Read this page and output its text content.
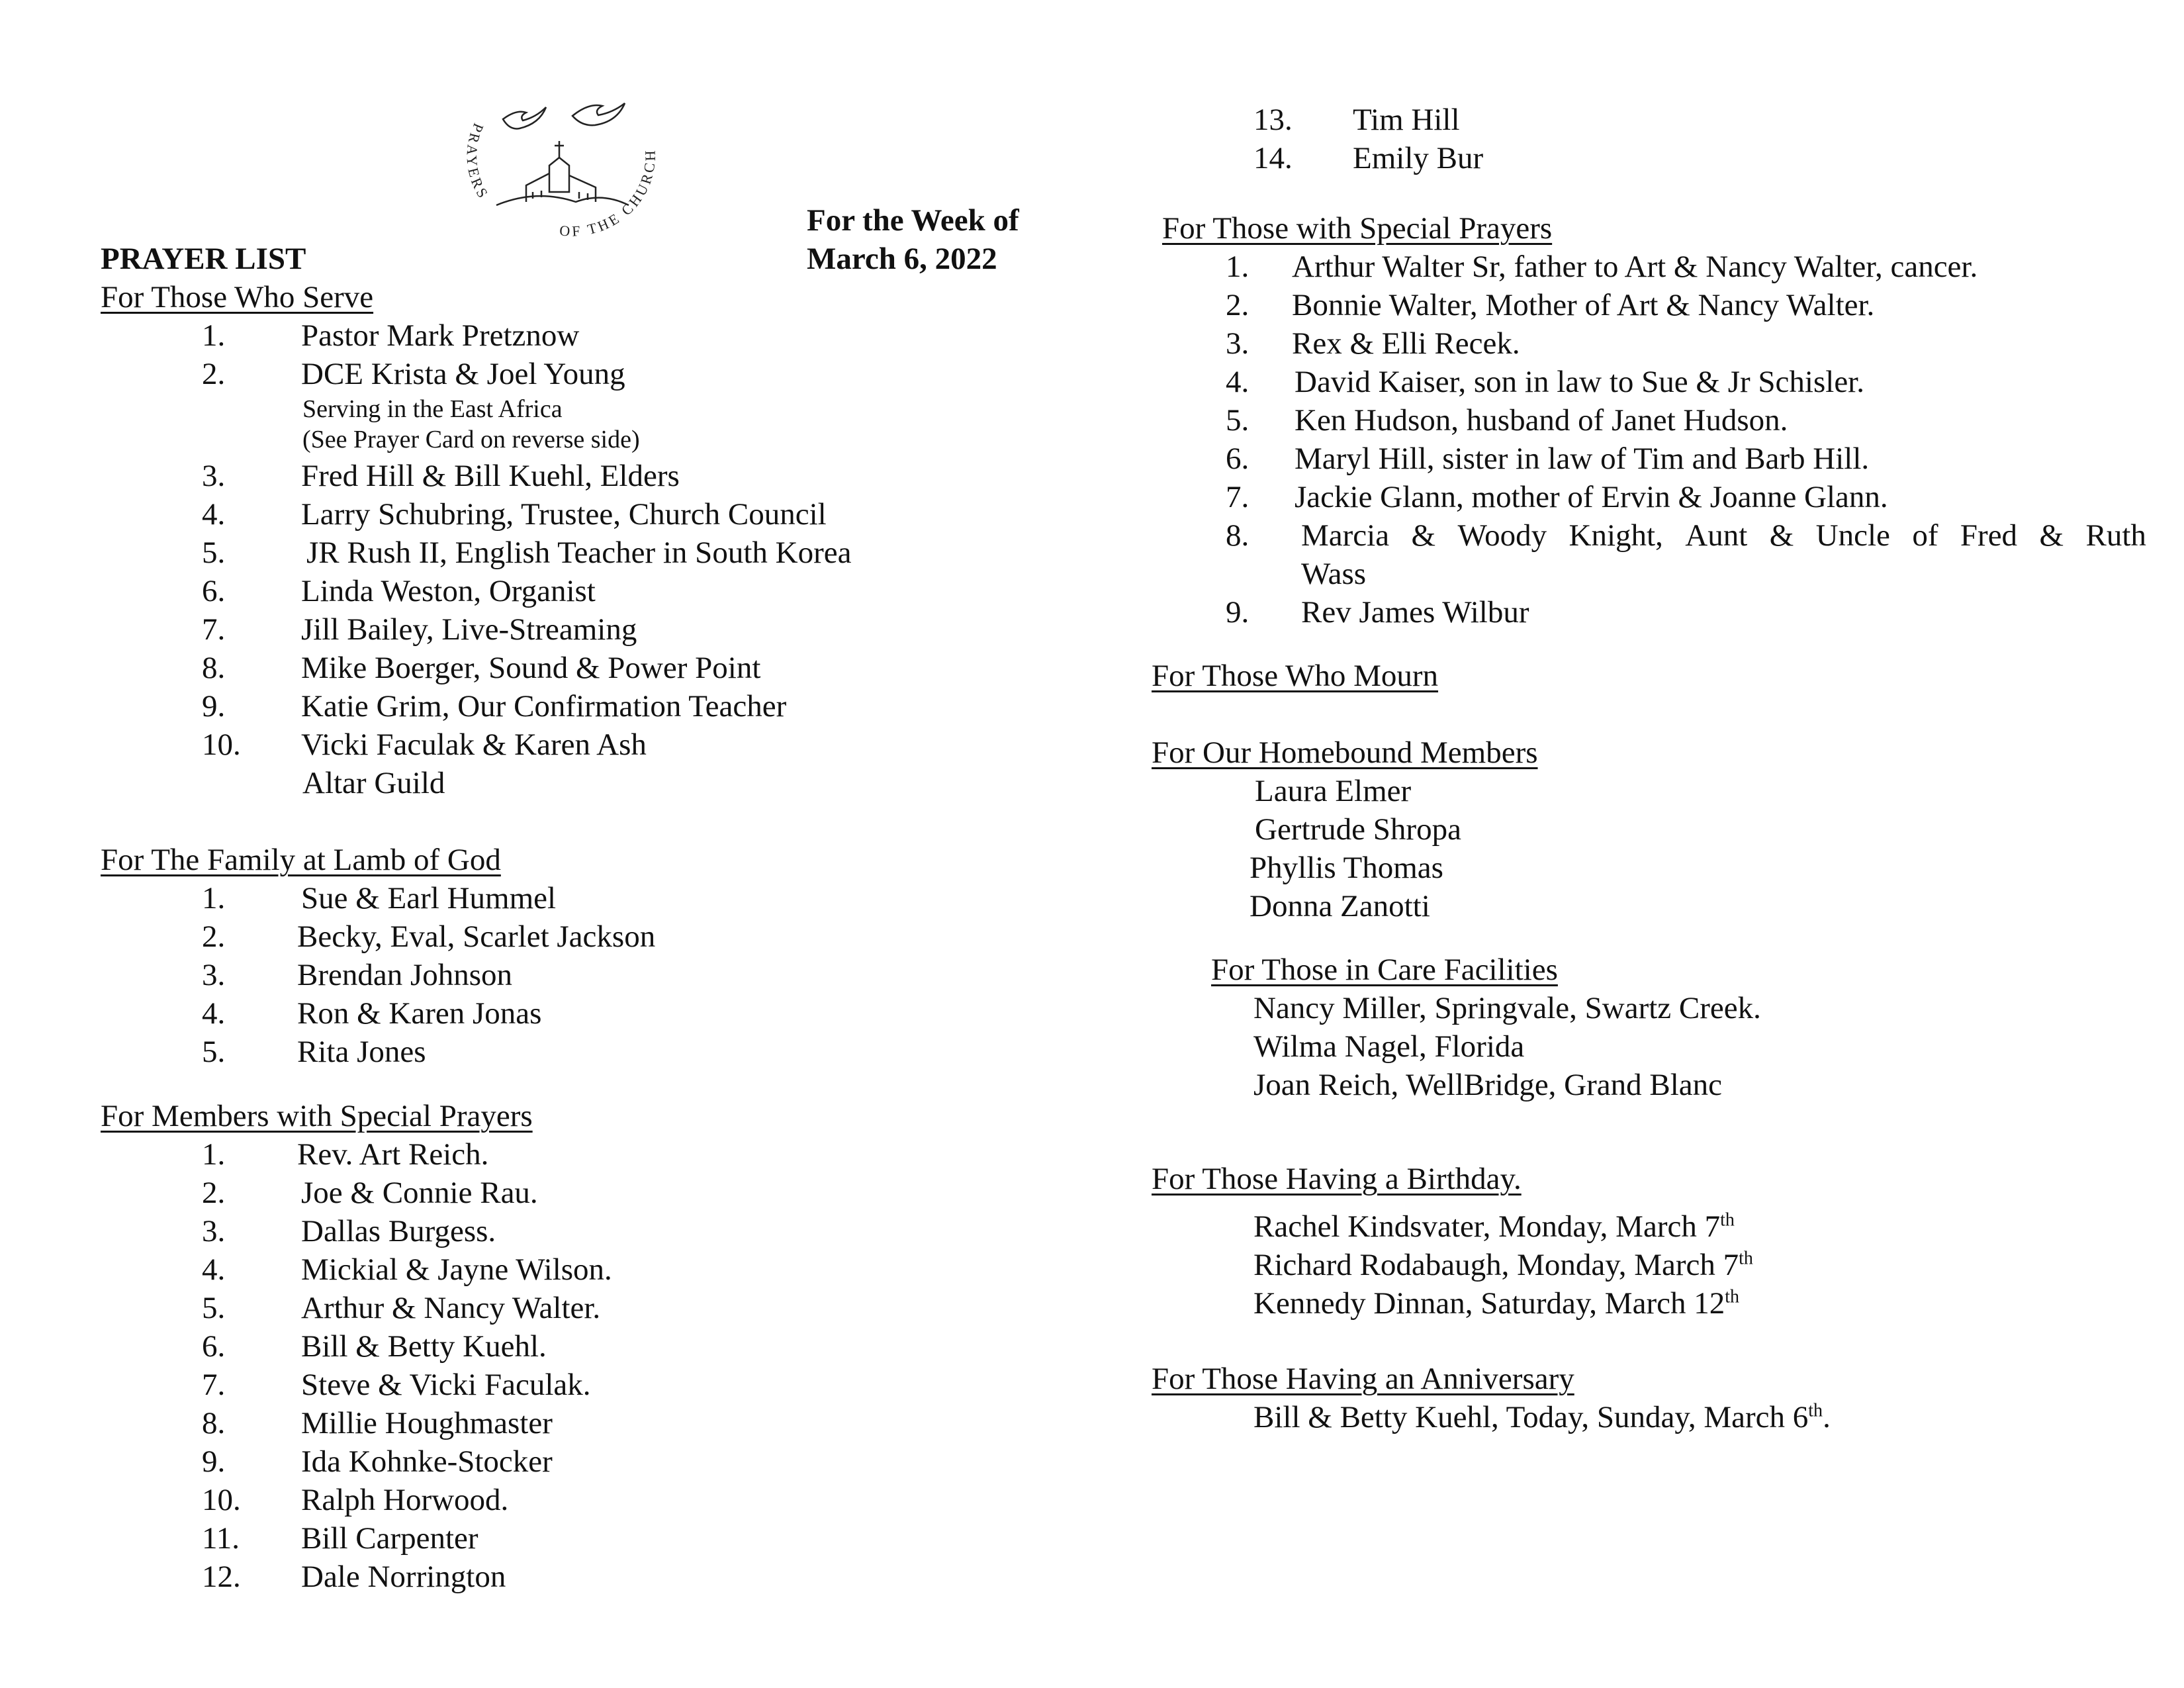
PRAYERS
OF THE CHURCH
PRAYER LIST
For the Week of
March 6, 2022
For Those Who Serve
1. Pastor Mark Pretznow
2. DCE Krista & Joel Young
Serving in the East Africa
(See Prayer Card on reverse side)
3. Fred Hill & Bill Kuehl, Elders
4. Larry Schubring, Trustee, Church Council
5.	JR Rush II, English Teacher in South Korea
6. Linda Weston, Organist
7. Jill Bailey, Live-Streaming
8. Mike Boerger, Sound & Power Point
9. Katie Grim, Our Confirmation Teacher
10. Vicki Faculak & Karen Ash
Altar Guild
For The Family at Lamb of God
1. Sue & Earl Hummel
2. Becky, Eval, Scarlet Jackson
3. Brendan Johnson
4. Ron & Karen Jonas
5. Rita Jones
For Members with Special Prayers
1. Rev. Art Reich.
2. Joe & Connie Rau.
3. Dallas Burgess.
4. Mickial & Jayne Wilson.
5. Arthur & Nancy Walter.
6. Bill & Betty Kuehl.
7. Steve & Vicki Faculak.
8. Millie Houghmaster
9. Ida Kohnke-Stocker
10. Ralph Horwood.
11. Bill Carpenter
12. Dale Norrington
13. Tim Hill
14. Emily Bur
For Those with Special Prayers
1. Arthur Walter Sr, father to Art & Nancy Walter, cancer.
2. Bonnie Walter, Mother of Art & Nancy Walter.
3. Rex & Elli Recek.
4. David Kaiser, son in law to Sue & Jr Schisler.
5. Ken Hudson, husband of Janet Hudson.
6. Maryl Hill, sister in law of Tim and Barb Hill.
7. Jackie Glann, mother of Ervin & Joanne Glann.
8. Marcia & Woody Knight, Aunt & Uncle of Fred & Ruth
Wass
9. Rev James Wilbur
For Those Who Mourn
For Our Homebound Members
Laura Elmer
Gertrude Shropa
Phyllis Thomas
Donna Zanotti
For Those in Care Facilities
Nancy Miller, Springvale, Swartz Creek.
Wilma Nagel, Florida
Joan Reich, WellBridge, Grand Blanc
For Those Having a Birthday.
Rachel Kindsvater, Monday, March 7th
Richard Rodabaugh, Monday, March 7th
Kennedy Dinnan, Saturday, March 12th
For Those Having an Anniversary
Bill & Betty Kuehl, Today, Sunday, March 6th.
